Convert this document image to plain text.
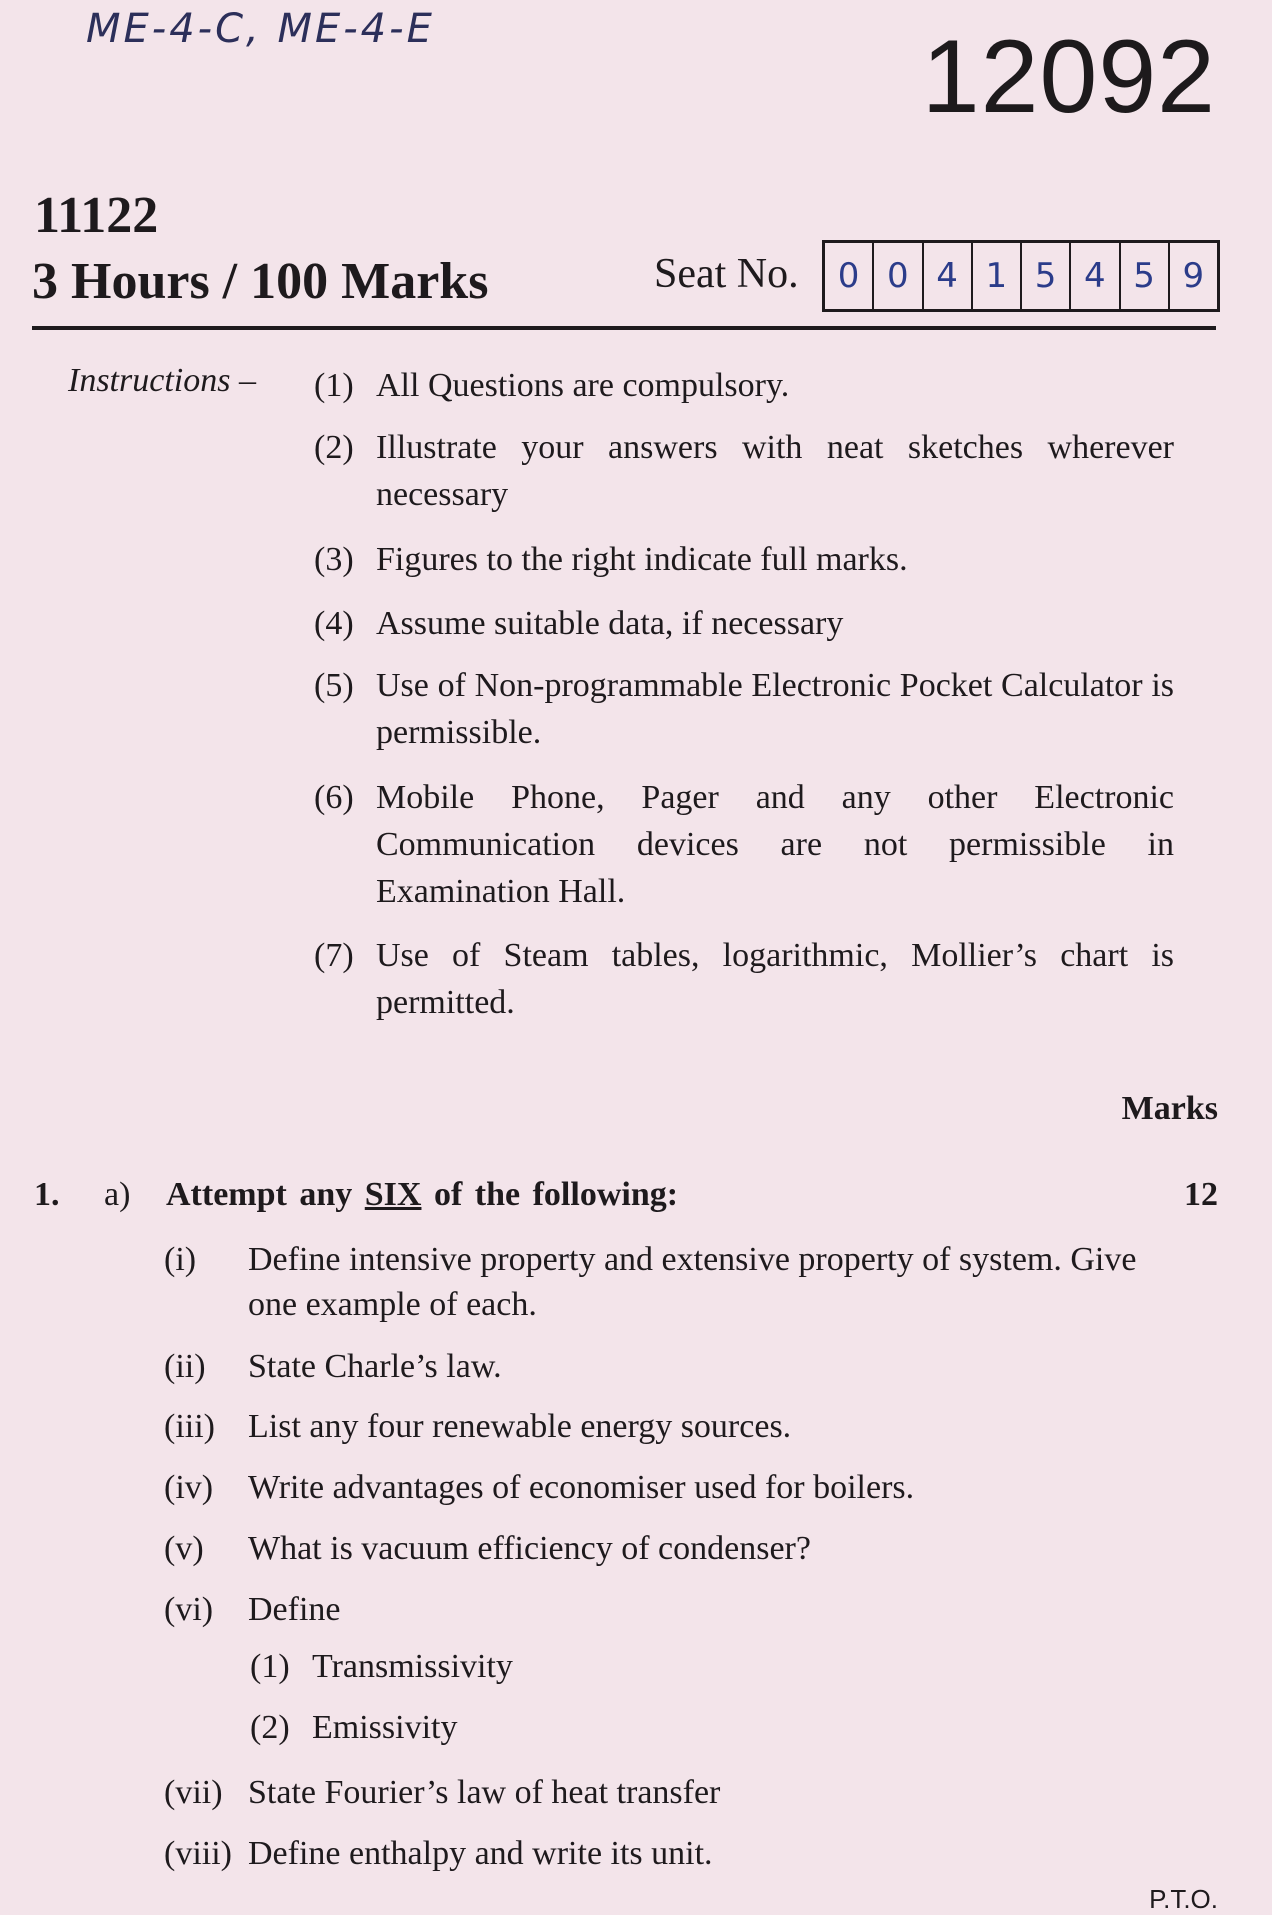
ME-4-C, ME-4-E	12092
11122
3 Hours / 100 Marks	Seat No.	0 0 4 1 5 4 5 9
Instructions – (1) All Questions are compulsory.
(2) Illustrate your answers with neat sketches wherever necessary
(3) Figures to the right indicate full marks.
(4) Assume suitable data, if necessary
(5) Use of Non-programmable Electronic Pocket Calculator is permissible.
(6) Mobile Phone, Pager and any other Electronic Communication devices are not permissible in Examination Hall.
(7) Use of Steam tables, logarithmic, Mollier’s chart is permitted.
Marks
1. a) Attempt any SIX of the following:	12
(i)	Define intensive property and extensive property of system. Give one example of each.
(ii)	State Charle’s law.
(iii) List any four renewable energy sources.
(iv)	Write advantages of economiser used for boilers.
(v)	What is vacuum efficiency of condenser?
(vi)	Define
(1) Transmissivity
(2) Emissivity
(vii) State Fourier’s law of heat transfer
(viii) Define enthalpy and write its unit.
P.T.O.
